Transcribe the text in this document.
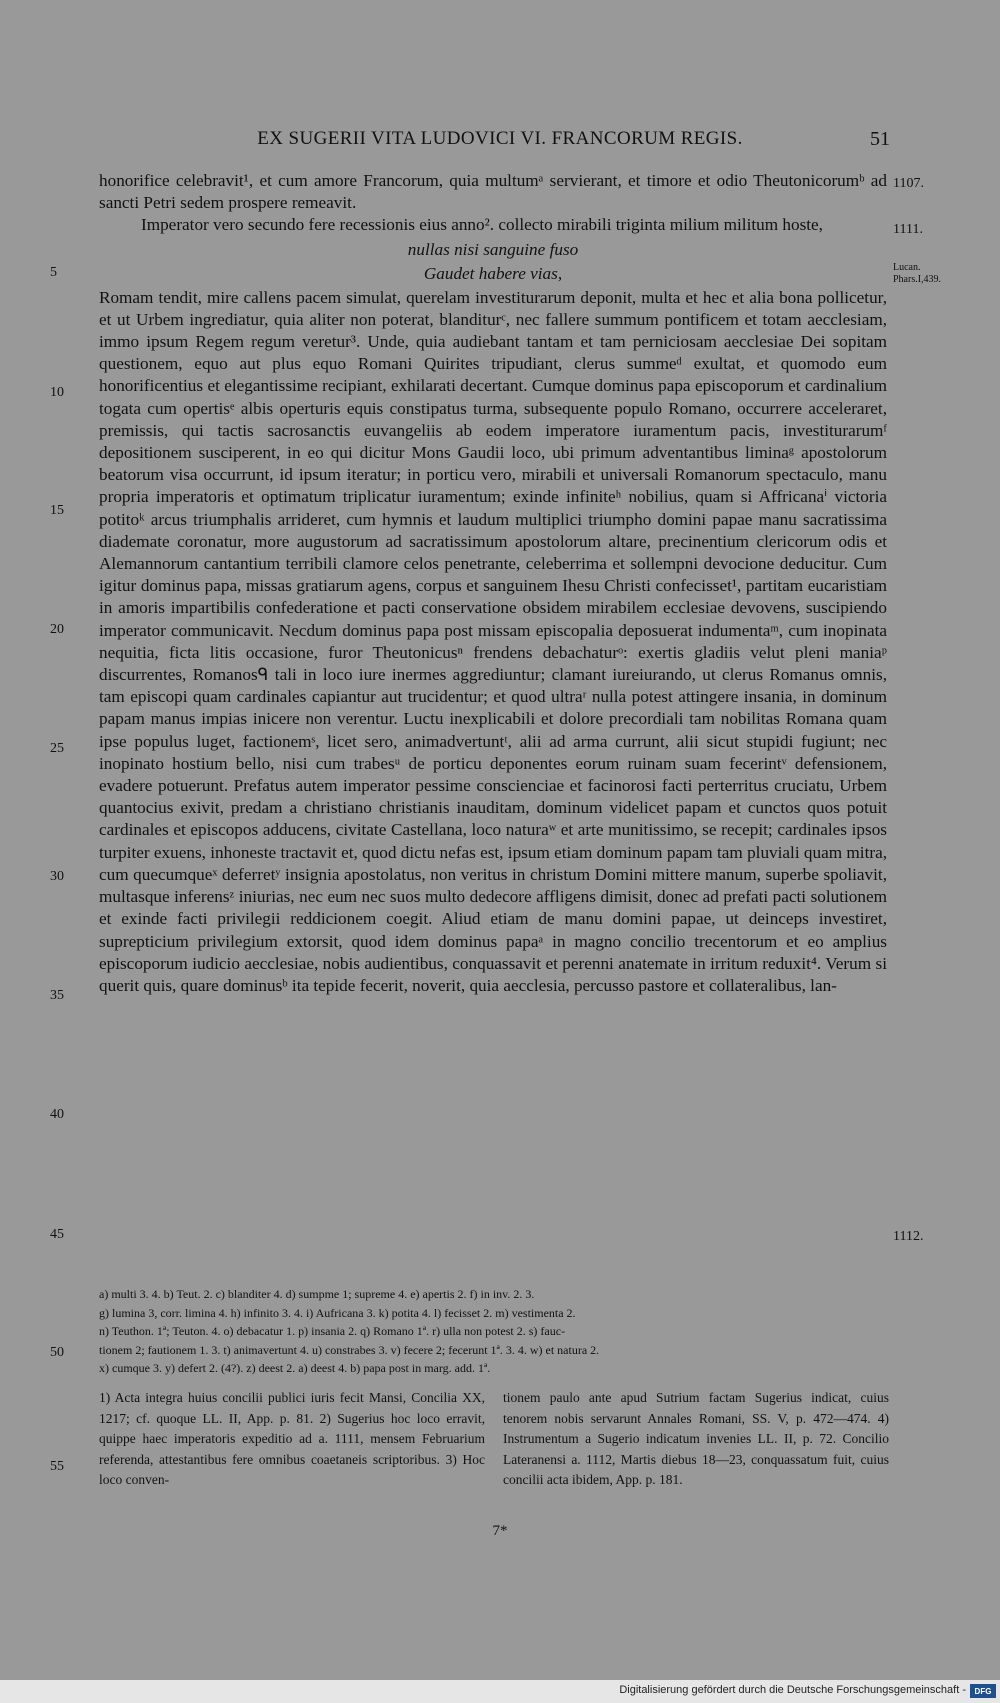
EX SUGERII VITA LUDOVICI VI. FRANCORUM REGIS.	51
5
10
15
20
25
30
35
40
45
50
55
1107.
1111.
Lucan.
Phars.I,439.
1112.

honorifice celebravit¹, et cum amore Francorum, quia multumᵃ servierant, et timore et odio Theutonicorumᵇ ad sancti Petri sedem prospere remeavit.

Imperator vero secundo fere recessionis eius anno². collecto mirabili triginta milium militum hoste,

nullas nisi sanguine fuso
Gaudet habere vias,

Romam tendit, mire callens pacem simulat, querelam investiturarum deponit, multa et hec et alia bona pollicetur, et ut Urbem ingrediatur, quia aliter non poterat, blanditurᶜ, nec fallere summum pontificem et totam aecclesiam, immo ipsum Regem regum veretur³. Unde, quia audiebant tantam et tam perniciosam aecclesiae Dei sopitam questionem, equo aut plus equo Romani Quirites tripudiant, clerus summeᵈ exultat, et quomodo eum honorificentius et elegantissime recipiant, exhilarati decertant. Cumque dominus papa episcoporum et cardinalium togata cum opertisᵉ albis operturis equis constipatus turma, subsequente populo Romano, occurrere acceleraret, premissis, qui tactis sacrosanctis euvangeliis ab eodem imperatore iuramentum pacis, investiturarumᶠ depositionem susciperent, in eo qui dicitur Mons Gaudii loco, ubi primum adventantibus liminaᵍ apostolorum beatorum visa occurrunt, id ipsum iteratur; in porticu vero, mirabili et universali Romanorum spectaculo, manu propria imperatoris et optimatum triplicatur iuramentum; exinde infiniteʰ nobilius, quam si Affricanaⁱ victoria potitoᵏ arcus triumphalis arrideret, cum hymnis et laudum multiplici triumpho domini papae manu sacratissima diademate coronatur, more augustorum ad sacratissimum apostolorum altare, precinentium clericorum odis et Alemannorum cantantium terribili clamore celos penetrante, celeberrima et sollempni devocione deducitur. Cum igitur dominus papa, missas gratiarum agens, corpus et sanguinem Ihesu Christi confecisset¹, partitam eucaristiam in amoris impartibilis confederatione et pacti conservatione obsidem mirabilem ecclesiae devovens, suscipiendo imperator communicavit. Necdum dominus papa post missam episcopalia deposuerat indumentaᵐ, cum inopinata nequitia, ficta litis occasione, furor Theutonicusⁿ frendens debachaturᵒ: exertis gladiis velut pleni maniaᵖ discurrentes, Romanosᑫ tali in loco iure inermes aggrediuntur; clamant iureiurando, ut clerus Romanus omnis, tam episcopi quam cardinales capiantur aut trucidentur; et quod ultraʳ nulla potest attingere insania, in dominum papam manus impias inicere non verentur. Luctu inexplicabili et dolore precordiali tam nobilitas Romana quam ipse populus luget, factionemˢ, licet sero, animadvertuntᵗ, alii ad arma currunt, alii sicut stupidi fugiunt; nec inopinato hostium bello, nisi cum trabesᵘ de porticu deponentes eorum ruinam suam fecerintᵛ defensionem, evadere potuerunt. Prefatus autem imperator pessime conscienciae et facinorosi facti perterritus cruciatu, Urbem quantocius exivit, predam a christiano christianis inauditam, dominum videlicet papam et cunctos quos potuit cardinales et episcopos adducens, civitate Castellana, loco naturaʷ et arte munitissimo, se recepit; cardinales ipsos turpiter exuens, inhoneste tractavit et, quod dictu nefas est, ipsum etiam dominum papam tam pluviali quam mitra, cum quecumqueˣ deferretʸ insignia apostolatus, non veritus in christum Domini mittere manum, superbe spoliavit, multasque inferensᶻ iniurias, nec eum nec suos multo dedecore affligens dimisit, donec ad prefati pacti solutionem et exinde facti privilegii reddicionem coegit. Aliud etiam de manu domini papae, ut deinceps investiret, suprepticium privilegium extorsit, quod idem dominus papaᵃ in magno concilio trecentorum et eo amplius episcoporum iudicio aecclesiae, nobis audientibus, conquassavit et perenni anatemate in irritum reduxit⁴. Verum si querit quis, quare dominusᵇ ita tepide fecerit, noverit, quia aecclesia, percusso pastore et collateralibus, lan-

a) multi 3. 4. b) Teut. 2. c) blanditer 4. d) sumpme 1; supreme 4. e) apertis 2. f) in inv. 2. 3.
g) lumina 3, corr. limina 4. h) infinito 3. 4. i) Aufricana 3. k) potita 4. l) fecisset 2. m) vestimenta 2.
n) Teuthon. 1ª; Teuton. 4. o) debacatur 1. p) insania 2. q) Romano 1ª. r) ulla non potest 2. s) fauc-
tionem 2; fautionem 1. 3. t) animavertunt 4. u) constrabes 3. v) fecere 2; fecerunt 1ª. 3. 4. w) et natura 2.
x) cumque 3. y) defert 2. (4?). z) deest 2. a) deest 4. b) papa post in marg. add. 1ª.

1) Acta integra huius concilii publici iuris fecit Mansi, Concilia XX, 1217; cf. quoque LL. II, App. p. 81. 2) Sugerius hoc loco erravit, quippe haec imperatoris expeditio ad a. 1111, mensem Februarium referenda, attestantibus fere omnibus coaetaneis scriptoribus. 3) Hoc loco conven-

tionem paulo ante apud Sutrium factam Sugerius indicat, cuius tenorem nobis servarunt Annales Romani, SS. V, p. 472—474. 4) Instrumentum a Sugerio indicatum invenies LL. II, p. 72. Concilio Lateranensi a. 1112, Martis diebus 18—23, conquassatum fuit, cuius concilii acta ibidem, App. p. 181.

7*
Digitalisierung gefördert durch die Deutsche Forschungsgemeinschaft -	DFG
